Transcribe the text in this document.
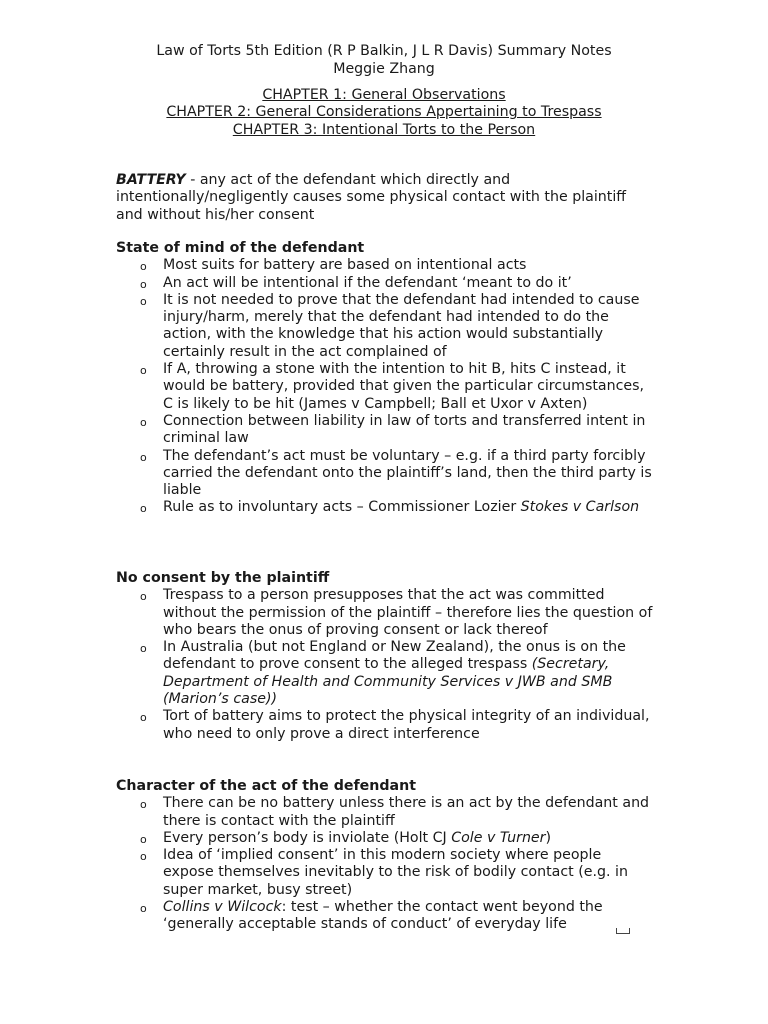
Law of Torts 5th Edition (R P Balkin, J L R Davis) Summary Notes
Meggie Zhang
CHAPTER 1: General Observations
CHAPTER 2: General Considerations Appertaining to Trespass
CHAPTER 3: Intentional Torts to the Person
BATTERY - any act of the defendant which directly and intentionally/negligently causes some physical contact with the plaintiff and without his/her consent
State of mind of the defendant
o Most suits for battery are based on intentional acts
o An act will be intentional if the defendant ‘meant to do it’
o It is not needed to prove that the defendant had intended to cause injury/harm, merely that the defendant had intended to do the action, with the knowledge that his action would substantially certainly result in the act complained of
o If A, throwing a stone with the intention to hit B, hits C instead, it would be battery, provided that given the particular circumstances, C is likely to be hit (James v Campbell; Ball et Uxor v Axten)
o Connection between liability in law of torts and transferred intent in criminal law
o The defendant’s act must be voluntary – e.g. if a third party forcibly carried the defendant onto the plaintiff’s land, then the third party is liable
o Rule as to involuntary acts – Commissioner Lozier Stokes v Carlson
No consent by the plaintiff
o Trespass to a person presupposes that the act was committed without the permission of the plaintiff – therefore lies the question of who bears the onus of proving consent or lack thereof
o In Australia (but not England or New Zealand), the onus is on the defendant to prove consent to the alleged trespass (Secretary, Department of Health and Community Services v JWB and SMB (Marion’s case))
o Tort of battery aims to protect the physical integrity of an individual, who need to only prove a direct interference
Character of the act of the defendant
o There can be no battery unless there is an act by the defendant and there is contact with the plaintiff
o Every person’s body is inviolate (Holt CJ Cole v Turner)
o Idea of ‘implied consent’ in this modern society where people expose themselves inevitably to the risk of bodily contact (e.g. in super market, busy street)
o Collins v Wilcock: test – whether the contact went beyond the ‘generally acceptable stands of conduct’ of everyday life
